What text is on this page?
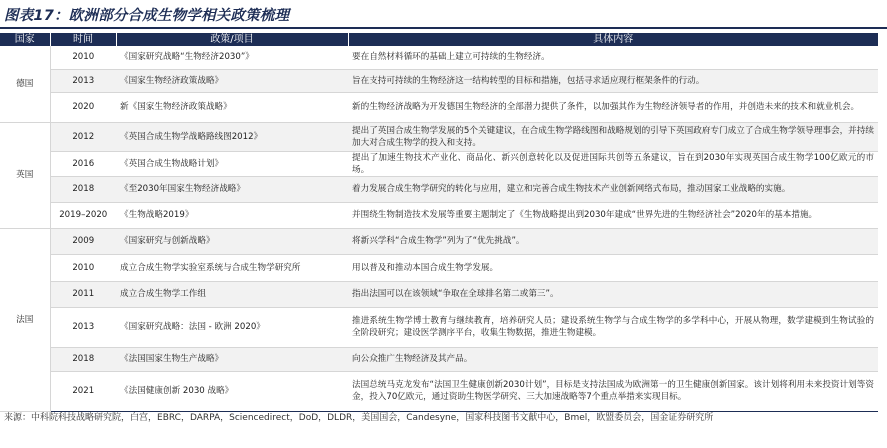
图表17：欧洲部分合成生物学相关政策梳理
国家	时间	政策/项目	具体内容
德国	2010	《国家研究战略“生物经济2030”》	要在自然材料循环的基础上建立可持续的生物经济。
	2013	《国家生物经济政策战略》	旨在支持可持续的生物经济这一结构转型的目标和措施，包括寻求适应现行框架条件的行动。
	2020	新《国家生物经济政策战略》	新的生物经济战略为开发德国生物经济的全部潜力提供了条件，以加强其作为生物经济领导者的作用，并创造未来的技术和就业机会。
英国	2012	《英国合成生物学战略路线图2012》	提出了英国合成生物学发展的5个关键建议，在合成生物学路线图和战略规划的引导下英国政府专门成立了合成生物学领导理事会，并持续加大对合成生物学的投入和支持。
	2016	《英国合成生物战略计划》	提出了加速生物技术产业化、商品化、新兴创意转化以及促进国际共创等五条建议，旨在到2030年实现英国合成生物学100亿欧元的市场。
	2018	《至2030年国家生物经济战略》	着力发展合成生物学研究的转化与应用，建立和完善合成生物技术产业创新网络式布局，推动国家工业战略的实施。
	2019–2020	《生物战略2019》	并围绕生物制造技术发展等重要主题制定了《生物战略提出到2030年建成“世界先进的生物经济社会”2020年的基本措施。
法国	2009	《国家研究与创新战略》	将新兴学科“合成生物学”列为了“优先挑战”。
	2010	成立合成生物学实验室系统与合成生物学研究所	用以普及和推动本国合成生物学发展。
	2011	成立合成生物学工作组	指出法国可以在该领域“争取在全球排名第二或第三”。
	2013	《国家研究战略：法国 - 欧洲 2020》	推进系统生物学博士教育与继续教育，培养研究人员；建设系统生物学与合成生物学的多学科中心，开展从物理，数学建模到生物试验的全阶段研究；建设医学测序平台，收集生物数据，推进生物建模。
	2018	《法国国家生物生产战略》	向公众推广生物经济及其产品。
	2021	《法国健康创新 2030 战略》	法国总统马克龙发布“法国卫生健康创新2030计划”，目标是支持法国成为欧洲第一的卫生健康创新国家。该计划将利用未来投资计划等资金，投入70亿欧元，通过资助生物医学研究、三大加速战略等7个重点举措来实现目标。
来源：中科院科技战略研究院，白宫，EBRC，DARPA，Sciencedirect，DoD，DLDR，美国国会，Candesyne，国家科技图书文献中心，Bmel，欧盟委员会，国金证券研究所
